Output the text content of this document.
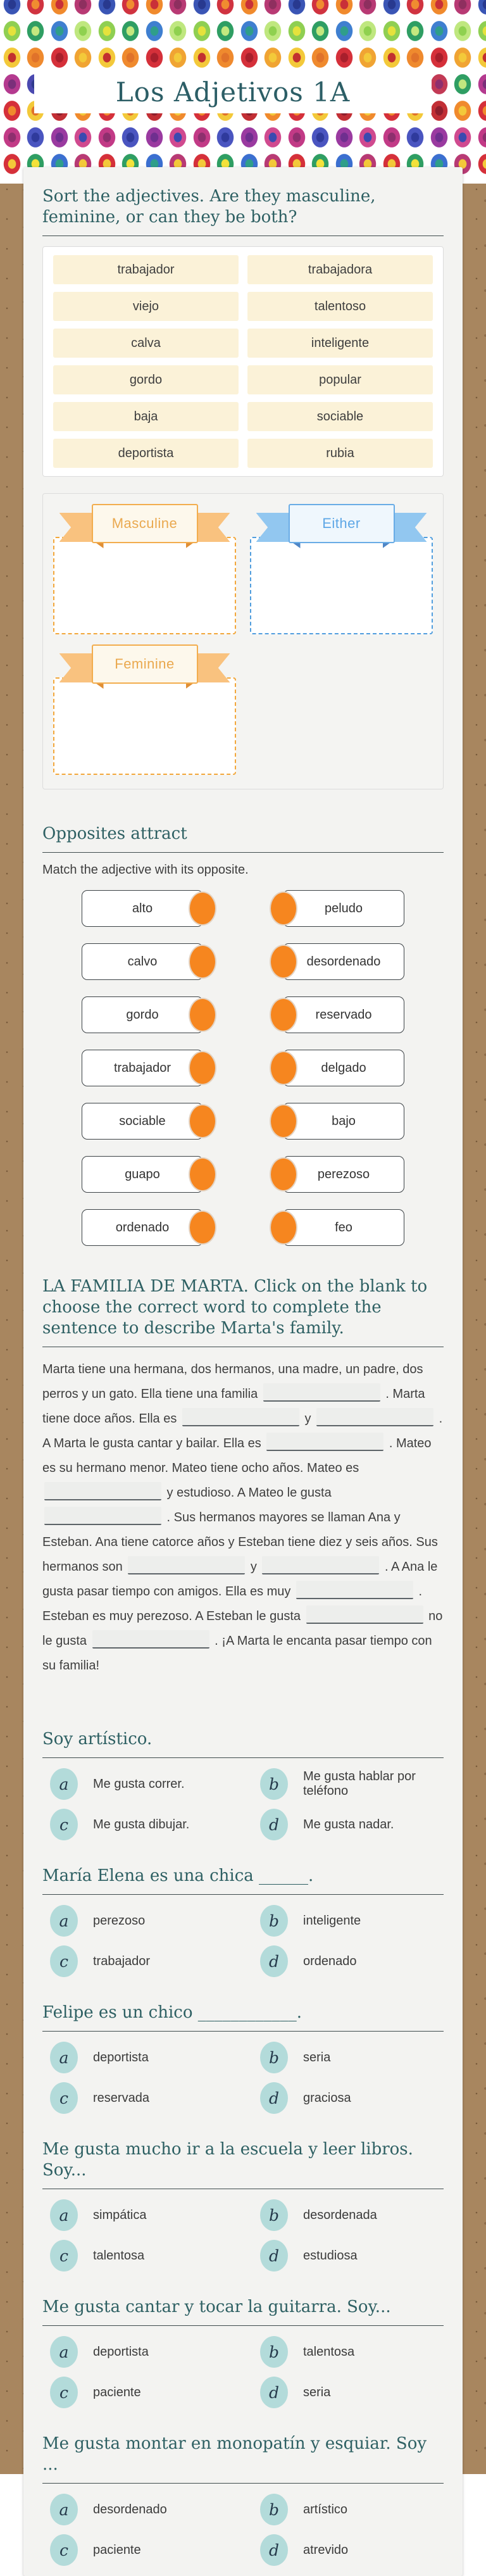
Los Adjetivos 1A
Sort the adjectives. Are they masculine, feminine, or can they be both?
trabajador	trabajadora
viejo	talentoso
calva	inteligente
gordo	popular
baja	sociable
deportista	rubia
Masculine	Either
Feminine
Opposites attract

Match the adjective with its opposite.

alto	peludo
calvo	desordenado
gordo	reservado
trabajador	delgado
sociable	bajo
guapo	perezoso
ordenado	feo
LA FAMILIA DE MARTA. Click on the blank to choose the correct word to complete the sentence to describe Marta's family.

Marta tiene una hermana, dos hermanos, una madre, un padre, dos perros y un gato. Ella tiene una familia	. Marta tiene doce años. Ella es	y	. A Marta le gusta cantar y bailar. Ella es	. Mateo es su hermano menor. Mateo tiene ocho años. Mateo es  y estudioso. A Mateo le gusta  . Sus hermanos mayores se llaman Ana y Esteban. Ana tiene catorce años y Esteban tiene diez y seis años. Sus hermanos son	y	. A Ana le gusta pasar tiempo con amigos. Ella es muy	. Esteban es muy perezoso. A Esteban le gusta	no le gusta	. ¡A Marta le encanta pasar tiempo con su familia!

Soy artístico.
a	Me gusta correr.	b	Me gusta hablar por teléfono
c	Me gusta dibujar.	d	Me gusta nadar.
María Elena es una chica ______.
a	perezoso	b	inteligente
c	trabajador	d	ordenado
Felipe es un chico ____________.
a	deportista	b	seria
c	reservada	d	graciosa
Me gusta mucho ir a la escuela y leer libros. Soy...
a	simpática	b	desordenada
c	talentosa	d	estudiosa
Me gusta cantar y tocar la guitarra. Soy...
a	deportista	b	talentosa
c	paciente	d	seria
Me gusta montar en monopatín y esquiar. Soy ...
a	desordenado	b	artístico
c	paciente	d	atrevido
